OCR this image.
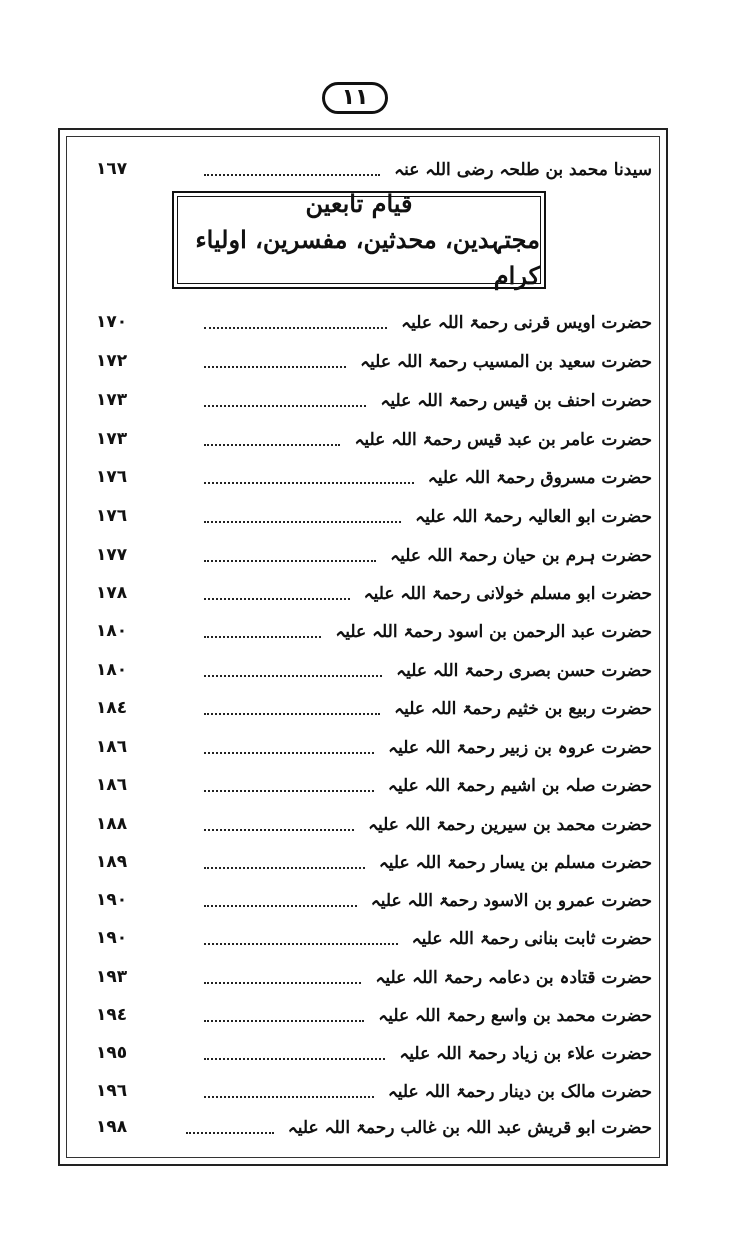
١١
سیدنا محمد بن طلحہ رضی اللہ عنہ
١٦٧
قیام تابعین
مجتہدین، محدثین، مفسرین، اولیاء کرام
حضرت اویس قرنی رحمۃ اللہ علیہ
١٧٠
حضرت سعید بن المسیب رحمۃ اللہ علیہ
١٧٢
حضرت احنف بن قیس رحمۃ اللہ علیہ
١٧٣
حضرت عامر بن عبد قیس رحمۃ اللہ علیہ
١٧٣
حضرت مسروق رحمۃ اللہ علیہ
١٧٦
حضرت ابو العالیہ رحمۃ اللہ علیہ
١٧٦
حضرت ہرم بن حیان رحمۃ اللہ علیہ
١٧٧
حضرت ابو مسلم خولانی رحمۃ اللہ علیہ
١٧٨
حضرت عبد الرحمن بن اسود رحمۃ اللہ علیہ
١٨٠
حضرت حسن بصری رحمۃ اللہ علیہ
١٨٠
حضرت ربیع بن خثیم رحمۃ اللہ علیہ
١٨٤
حضرت عروہ بن زبیر رحمۃ اللہ علیہ
١٨٦
حضرت صلہ بن اشیم رحمۃ اللہ علیہ
١٨٦
حضرت محمد بن سیرین رحمۃ اللہ علیہ
١٨٨
حضرت مسلم بن یسار رحمۃ اللہ علیہ
١٨٩
حضرت عمرو بن الاسود رحمۃ اللہ علیہ
١٩٠
حضرت ثابت بنانی رحمۃ اللہ علیہ
١٩٠
حضرت قتادہ بن دعامہ رحمۃ اللہ علیہ
١٩٣
حضرت محمد بن واسع رحمۃ اللہ علیہ
١٩٤
حضرت علاء بن زیاد رحمۃ اللہ علیہ
١٩٥
حضرت مالک بن دینار رحمۃ اللہ علیہ
١٩٦
حضرت ابو قریش عبد اللہ بن غالب رحمۃ اللہ علیہ
١٩٨
